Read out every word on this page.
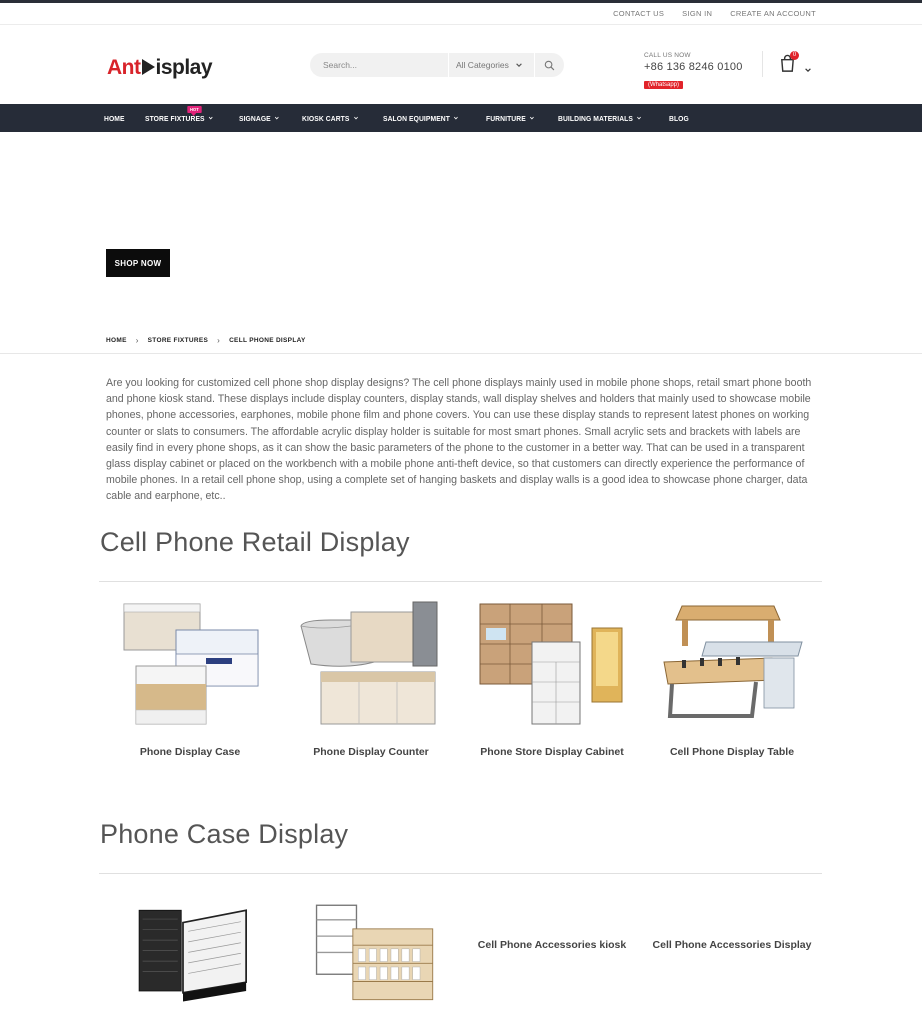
CONTACT US SIGN IN CREATE AN ACCOUNT
Ant isplay
Search...	All Categories
CALL US NOW
+86 136 8246 0100
(Whatsapp)
0
HOME
HOT
STORE FIXTURES	SIGNAGE	KIOSK CARTS	SALON EQUIPMENT	FURNITURE	BUILDING MATERIALS	BLOG
SHOP NOW
HOME › STORE FIXTURES › CELL PHONE DISPLAY

Are you looking for customized cell phone shop display designs? The cell phone displays mainly used in mobile phone shops, retail smart phone booth and phone kiosk stand. These displays include display counters, display stands, wall display shelves and holders that mainly used to showcase mobile phones, phone accessories, earphones, mobile phone film and phone covers. You can use these display stands to represent latest phones on working counter or slats to consumers. The affordable acrylic display holder is suitable for most smart phones. Small acrylic sets and brackets with labels are easily find in every phone shops, as it can show the basic parameters of the phone to the customer in a better way. That can be used in a transparent glass display cabinet or placed on the workbench with a mobile phone anti-theft device, so that customers can directly experience the performance of mobile phones. In a retail cell phone shop, using a complete set of hanging baskets and display walls is a good idea to showcase phone charger, data cable and earphone, etc..

Cell Phone Retail Display
Phone Display Case	Phone Display Counter	Phone Store Display Cabinet	Cell Phone Display Table
Phone Case Display
Cell Phone Accessories kiosk	Cell Phone Accessories Display
